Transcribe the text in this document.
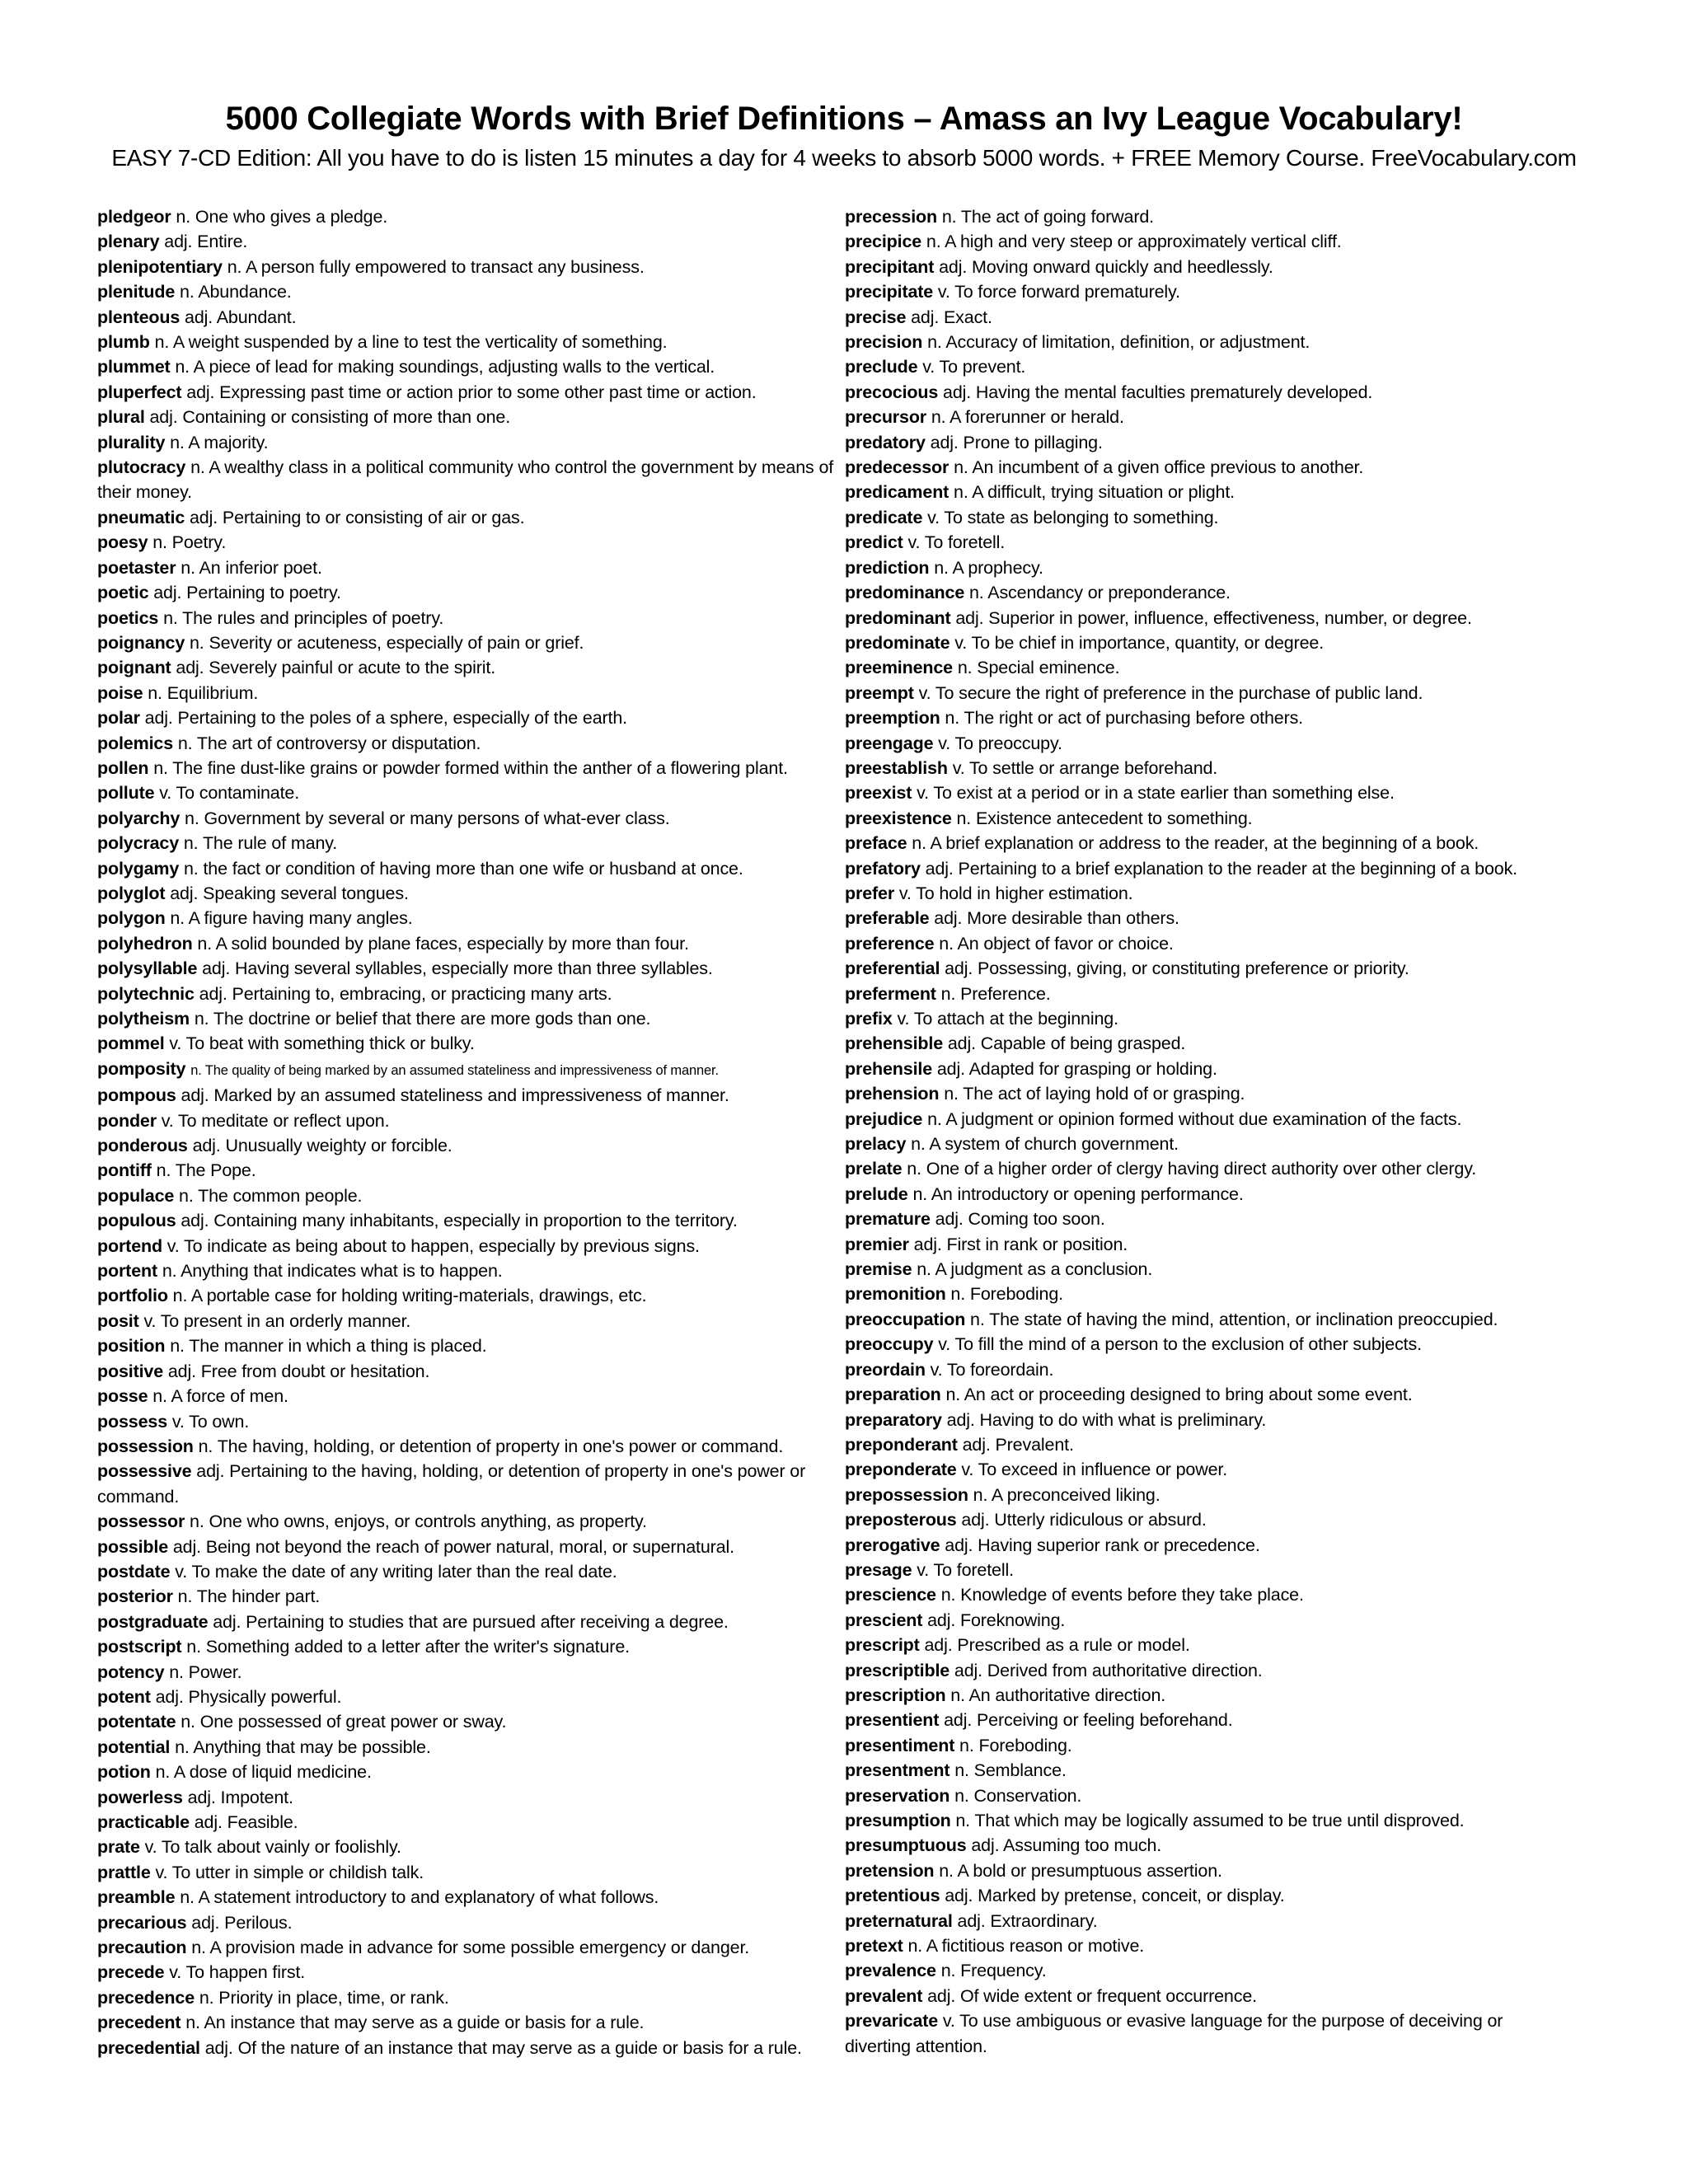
5000 Collegiate Words with Brief Definitions – Amass an Ivy League Vocabulary!
EASY 7-CD Edition: All you have to do is listen 15 minutes a day for 4 weeks to absorb 5000 words. + FREE Memory Course. FreeVocabulary.com

pledgeor n. One who gives a pledge.

plenary adj. Entire.

plenipotentiary n. A person fully empowered to transact any business.

plenitude n. Abundance.

plenteous adj. Abundant.

plumb n. A weight suspended by a line to test the verticality of something.

plummet n. A piece of lead for making soundings, adjusting walls to the vertical.

pluperfect adj. Expressing past time or action prior to some other past time or action.

plural adj. Containing or consisting of more than one.

plurality n. A majority.

plutocracy n. A wealthy class in a political community who control the government by means of their money.

pneumatic adj. Pertaining to or consisting of air or gas.

poesy n. Poetry.

poetaster n. An inferior poet.

poetic adj. Pertaining to poetry.

poetics n. The rules and principles of poetry.

poignancy n. Severity or acuteness, especially of pain or grief.

poignant adj. Severely painful or acute to the spirit.

poise n. Equilibrium.

polar adj. Pertaining to the poles of a sphere, especially of the earth.

polemics n. The art of controversy or disputation.

pollen n. The fine dust-like grains or powder formed within the anther of a flowering plant.

pollute v. To contaminate.

polyarchy n. Government by several or many persons of what-ever class.

polycracy n. The rule of many.

polygamy n. the fact or condition of having more than one wife or husband at once.

polyglot adj. Speaking several tongues.

polygon n. A figure having many angles.

polyhedron n. A solid bounded by plane faces, especially by more than four.

polysyllable adj. Having several syllables, especially more than three syllables.

polytechnic adj. Pertaining to, embracing, or practicing many arts.

polytheism n. The doctrine or belief that there are more gods than one.

pommel v. To beat with something thick or bulky.

pomposity n. The quality of being marked by an assumed stateliness and impressiveness of manner.

pompous adj. Marked by an assumed stateliness and impressiveness of manner.

ponder v. To meditate or reflect upon.

ponderous adj. Unusually weighty or forcible.

pontiff n. The Pope.

populace n. The common people.

populous adj. Containing many inhabitants, especially in proportion to the territory.

portend v. To indicate as being about to happen, especially by previous signs.

portent n. Anything that indicates what is to happen.

portfolio n. A portable case for holding writing-materials, drawings, etc.

posit v. To present in an orderly manner.

position n. The manner in which a thing is placed.

positive adj. Free from doubt or hesitation.

posse n. A force of men.

possess v. To own.

possession n. The having, holding, or detention of property in one's power or command.

possessive adj. Pertaining to the having, holding, or detention of property in one's power or command.

possessor n. One who owns, enjoys, or controls anything, as property.

possible adj. Being not beyond the reach of power natural, moral, or supernatural.

postdate v. To make the date of any writing later than the real date.

posterior n. The hinder part.

postgraduate adj. Pertaining to studies that are pursued after receiving a degree.

postscript n. Something added to a letter after the writer's signature.

potency n. Power.

potent adj. Physically powerful.

potentate n. One possessed of great power or sway.

potential n. Anything that may be possible.

potion n. A dose of liquid medicine.

powerless adj. Impotent.

practicable adj. Feasible.

prate v. To talk about vainly or foolishly.

prattle v. To utter in simple or childish talk.

preamble n. A statement introductory to and explanatory of what follows.

precarious adj. Perilous.

precaution n. A provision made in advance for some possible emergency or danger.

precede v. To happen first.

precedence n. Priority in place, time, or rank.

precedent n. An instance that may serve as a guide or basis for a rule.

precedential adj. Of the nature of an instance that may serve as a guide or basis for a rule.

precession n. The act of going forward.

precipice n. A high and very steep or approximately vertical cliff.

precipitant adj. Moving onward quickly and heedlessly.

precipitate v. To force forward prematurely.

precise adj. Exact.

precision n. Accuracy of limitation, definition, or adjustment.

preclude v. To prevent.

precocious adj. Having the mental faculties prematurely developed.

precursor n. A forerunner or herald.

predatory adj. Prone to pillaging.

predecessor n. An incumbent of a given office previous to another.

predicament n. A difficult, trying situation or plight.

predicate v. To state as belonging to something.

predict v. To foretell.

prediction n. A prophecy.

predominance n. Ascendancy or preponderance.

predominant adj. Superior in power, influence, effectiveness, number, or degree.

predominate v. To be chief in importance, quantity, or degree.

preeminence n. Special eminence.

preempt v. To secure the right of preference in the purchase of public land.

preemption n. The right or act of purchasing before others.

preengage v. To preoccupy.

preestablish v. To settle or arrange beforehand.

preexist v. To exist at a period or in a state earlier than something else.

preexistence n. Existence antecedent to something.

preface n. A brief explanation or address to the reader, at the beginning of a book.

prefatory adj. Pertaining to a brief explanation to the reader at the beginning of a book.

prefer v. To hold in higher estimation.

preferable adj. More desirable than others.

preference n. An object of favor or choice.

preferential adj. Possessing, giving, or constituting preference or priority.

preferment n. Preference.

prefix v. To attach at the beginning.

prehensible adj. Capable of being grasped.

prehensile adj. Adapted for grasping or holding.

prehension n. The act of laying hold of or grasping.

prejudice n. A judgment or opinion formed without due examination of the facts.

prelacy n. A system of church government.

prelate n. One of a higher order of clergy having direct authority over other clergy.

prelude n. An introductory or opening performance.

premature adj. Coming too soon.

premier adj. First in rank or position.

premise n. A judgment as a conclusion.

premonition n. Foreboding.

preoccupation n. The state of having the mind, attention, or inclination preoccupied.

preoccupy v. To fill the mind of a person to the exclusion of other subjects.

preordain v. To foreordain.

preparation n. An act or proceeding designed to bring about some event.

preparatory adj. Having to do with what is preliminary.

preponderant adj. Prevalent.

preponderate v. To exceed in influence or power.

prepossession n. A preconceived liking.

preposterous adj. Utterly ridiculous or absurd.

prerogative adj. Having superior rank or precedence.

presage v. To foretell.

prescience n. Knowledge of events before they take place.

prescient adj. Foreknowing.

prescript adj. Prescribed as a rule or model.

prescriptible adj. Derived from authoritative direction.

prescription n. An authoritative direction.

presentient adj. Perceiving or feeling beforehand.

presentiment n. Foreboding.

presentment n. Semblance.

preservation n. Conservation.

presumption n. That which may be logically assumed to be true until disproved.

presumptuous adj. Assuming too much.

pretension n. A bold or presumptuous assertion.

pretentious adj. Marked by pretense, conceit, or display.

preternatural adj. Extraordinary.

pretext n. A fictitious reason or motive.

prevalence n. Frequency.

prevalent adj. Of wide extent or frequent occurrence.

prevaricate v. To use ambiguous or evasive language for the purpose of deceiving or diverting attention.
